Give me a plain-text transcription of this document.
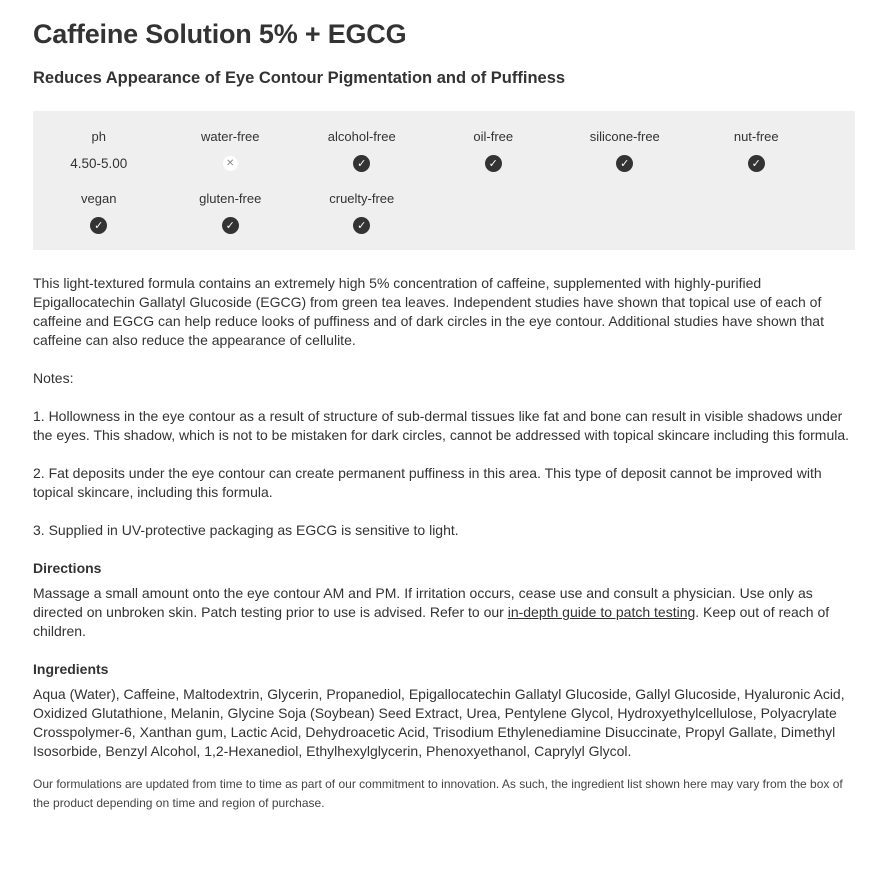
Caffeine Solution 5% + EGCG
Reduces Appearance of Eye Contour Pigmentation and of Puffiness
ph
4.50-5.00
water-free
✕
alcohol-free
✓
oil-free
✓
silicone-free
✓
nut-free
✓
vegan
✓
gluten-free
✓
cruelty-free
✓

This light-textured formula contains an extremely high 5% concentration of caffeine, supplemented with highly-purified Epigallocatechin Gallatyl Glucoside (EGCG) from green tea leaves. Independent studies have shown that topical use of each of caffeine and EGCG can help reduce looks of puffiness and of dark circles in the eye contour. Additional studies have shown that caffeine can also reduce the appearance of cellulite.

Notes:

1. Hollowness in the eye contour as a result of structure of sub-dermal tissues like fat and bone can result in visible shadows under the eyes. This shadow, which is not to be mistaken for dark circles, cannot be addressed with topical skincare including this formula.

2. Fat deposits under the eye contour can create permanent puffiness in this area. This type of deposit cannot be improved with topical skincare, including this formula.

3. Supplied in UV-protective packaging as EGCG is sensitive to light.

Directions

Massage a small amount onto the eye contour AM and PM. If irritation occurs, cease use and consult a physician. Use only as directed on unbroken skin. Patch testing prior to use is advised. Refer to our in-depth guide to patch testing. Keep out of reach of children.

Ingredients

Aqua (Water), Caffeine, Maltodextrin, Glycerin, Propanediol, Epigallocatechin Gallatyl Glucoside, Gallyl Glucoside, Hyaluronic Acid, Oxidized Glutathione, Melanin, Glycine Soja (Soybean) Seed Extract, Urea, Pentylene Glycol, Hydroxyethylcellulose, Polyacrylate Crosspolymer-6, Xanthan gum, Lactic Acid, Dehydroacetic Acid, Trisodium Ethylenediamine Disuccinate, Propyl Gallate, Dimethyl Isosorbide, Benzyl Alcohol, 1,2-Hexanediol, Ethylhexylglycerin, Phenoxyethanol, Caprylyl Glycol.

Our formulations are updated from time to time as part of our commitment to innovation. As such, the ingredient list shown here may vary from the box of the product depending on time and region of purchase.
